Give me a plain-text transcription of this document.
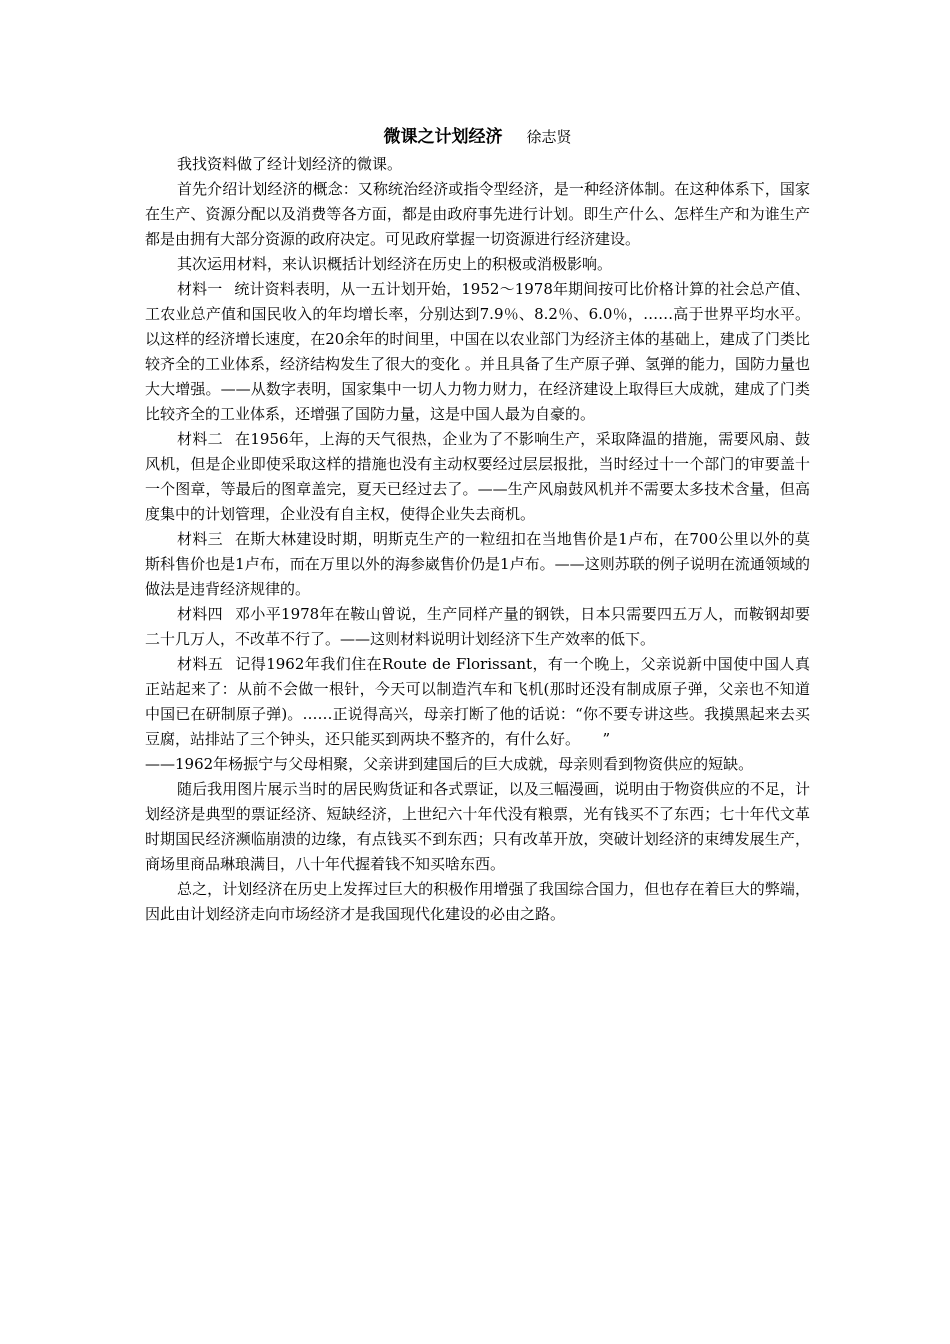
微课之计划经济 徐志贤

我找资料做了经计划经济的微课。

首先介绍计划经济的概念：又称统治经济或指令型经济，是一种经济体制。在这种体系下，国家在生产、资源分配以及消费等各方面，都是由政府事先进行计划。即生产什么、怎样生产和为谁生产都是由拥有大部分资源的政府决定。可见政府掌握一切资源进行经济建设。

其次运用材料，来认识概括计划经济在历史上的积极或消极影响。

材料一 统计资料表明，从一五计划开始，1952～1978年期间按可比价格计算的社会总产值、工农业总产值和国民收入的年均增长率，分别达到7.9％、8.2％、6.0％，……高于世界平均水平。以这样的经济增长速度，在20余年的时间里，中国在以农业部门为经济主体的基础上，建成了门类比较齐全的工业体系，经济结构发生了很大的变化 。并且具备了生产原子弹、氢弹的能力，国防力量也大大增强。——从数字表明，国家集中一切人力物力财力，在经济建设上取得巨大成就，建成了门类比较齐全的工业体系，还增强了国防力量，这是中国人最为自豪的。

材料二 在1956年，上海的天气很热，企业为了不影响生产，采取降温的措施，需要风扇、鼓风机，但是企业即使采取这样的措施也没有主动权要经过层层报批，当时经过十一个部门的审要盖十一个图章，等最后的图章盖完，夏天已经过去了。——生产风扇鼓风机并不需要太多技术含量，但高度集中的计划管理，企业没有自主权，使得企业失去商机。

材料三 在斯大林建设时期，明斯克生产的一粒纽扣在当地售价是1卢布，在700公里以外的莫斯科售价也是1卢布，而在万里以外的海参崴售价仍是1卢布。——这则苏联的例子说明在流通领域的做法是违背经济规律的。

材料四 邓小平1978年在鞍山曾说，生产同样产量的钢铁，日本只需要四五万人，而鞍钢却要二十几万人，不改革不行了。——这则材料说明计划经济下生产效率的低下。

材料五 记得1962年我们住在Route de Florissant，有一个晚上，父亲说新中国使中国人真正站起来了：从前不会做一根针，今天可以制造汽车和飞机(那时还没有制成原子弹，父亲也不知道中国已在研制原子弹)。……正说得高兴，母亲打断了他的话说：“你不要专讲这些。我摸黑起来去买豆腐，站排站了三个钟头，还只能买到两块不整齐的，有什么好。　　”

——1962年杨振宁与父母相聚，父亲讲到建国后的巨大成就，母亲则看到物资供应的短缺。

随后我用图片展示当时的居民购货证和各式票证，以及三幅漫画，说明由于物资供应的不足，计划经济是典型的票证经济、短缺经济，上世纪六十年代没有粮票，光有钱买不了东西；七十年代文革时期国民经济濒临崩溃的边缘，有点钱买不到东西；只有改革开放，突破计划经济的束缚发展生产，商场里商品琳琅满目，八十年代握着钱不知买啥东西。

总之，计划经济在历史上发挥过巨大的积极作用增强了我国综合国力，但也存在着巨大的弊端，因此由计划经济走向市场经济才是我国现代化建设的必由之路。
